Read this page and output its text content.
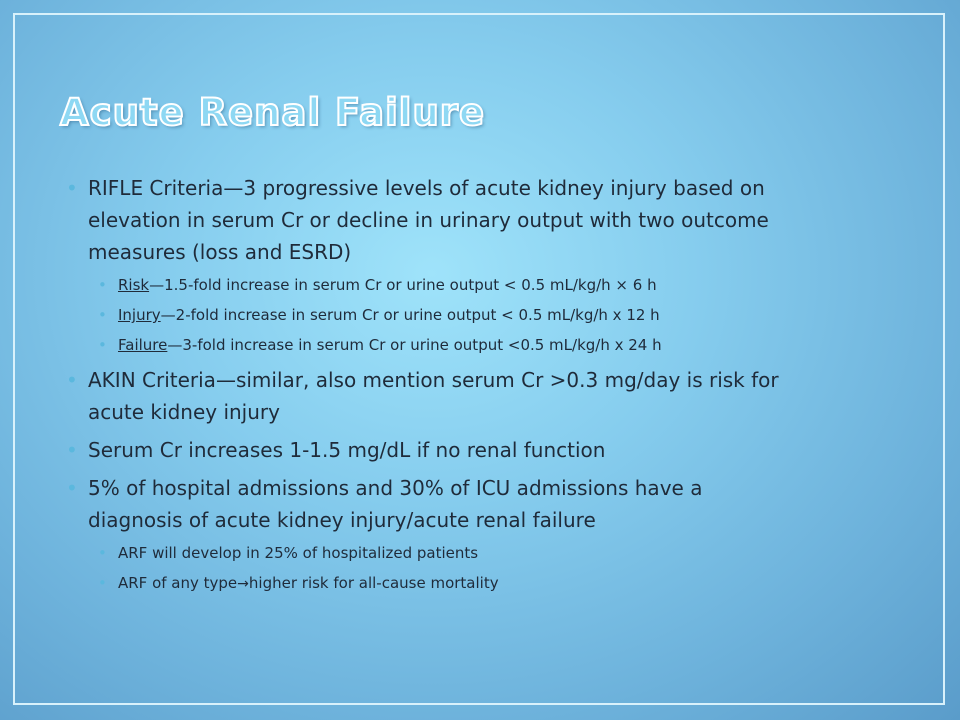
Acute Renal Failure
• RIFLE Criteria—3 progressive levels of acute kidney injury based on
elevation in serum Cr or decline in urinary output with two outcome
measures (loss and ESRD)
• Risk—1.5-fold increase in serum Cr or urine output < 0.5 mL/kg/h × 6 h
• Injury—2-fold increase in serum Cr or urine output < 0.5 mL/kg/h x 12 h
• Failure—3-fold increase in serum Cr or urine output <0.5 mL/kg/h x 24 h
• AKIN Criteria—similar, also mention serum Cr >0.3 mg/day is risk for
acute kidney injury
• Serum Cr increases 1-1.5 mg/dL if no renal function
• 5% of hospital admissions and 30% of ICU admissions have a
diagnosis of acute kidney injury/acute renal failure
• ARF will develop in 25% of hospitalized patients
• ARF of any type→higher risk for all-cause mortality
